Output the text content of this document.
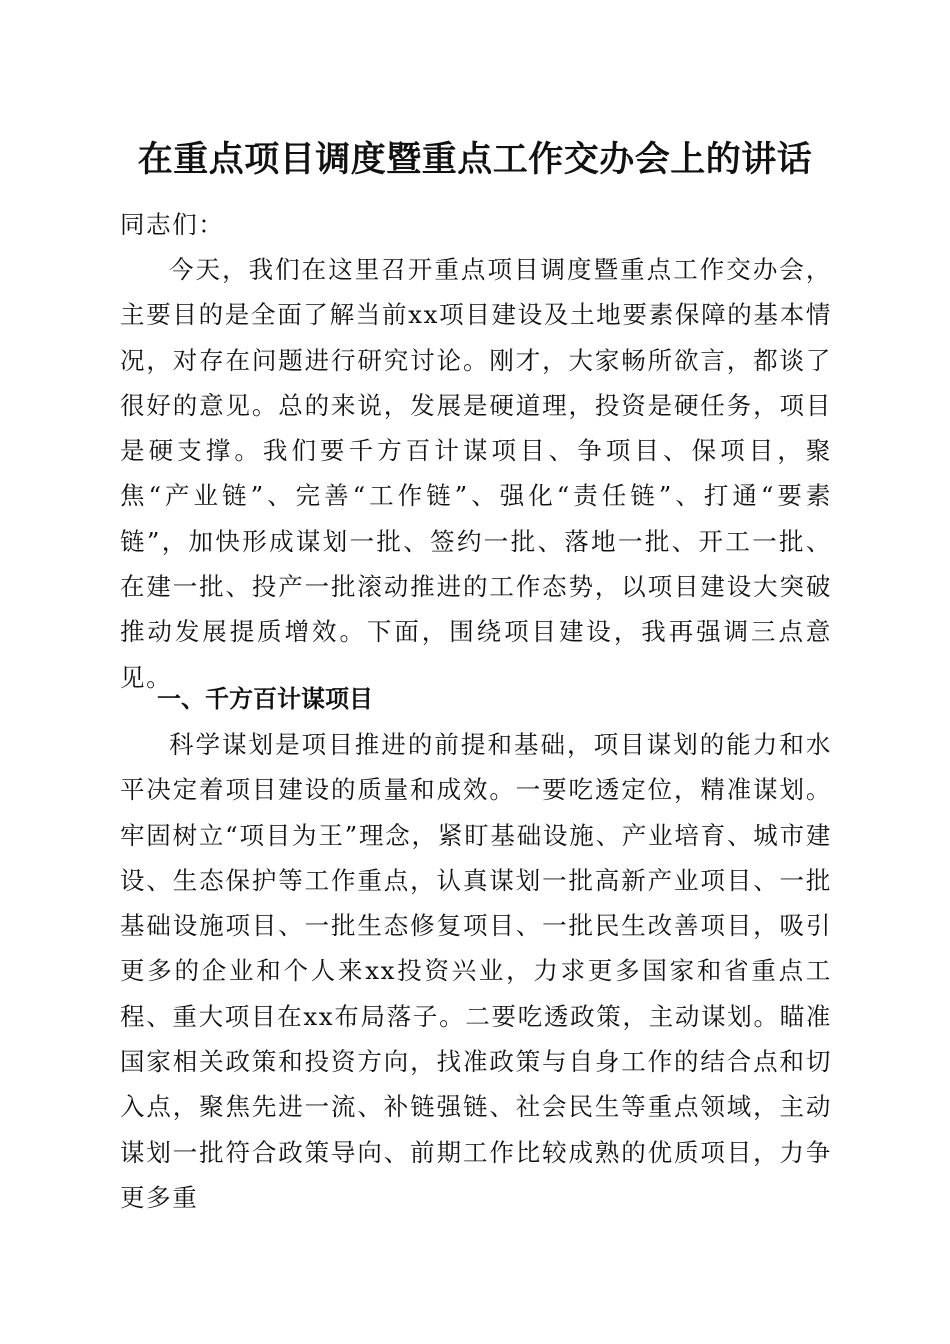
在重点项目调度暨重点工作交办会上的讲话

同志们：

今天，我们在这里召开重点项目调度暨重点工作交办会，主要目的是全面了解当前xx项目建设及土地要素保障的基本情况，对存在问题进行研究讨论。刚才，大家畅所欲言，都谈了很好的意见。总的来说，发展是硬道理，投资是硬任务，项目是硬支撑。我们要千方百计谋项目、争项目、保项目，聚焦“产业链”、完善“工作链”、强化“责任链”、打通“要素链”，加快形成谋划一批、签约一批、落地一批、开工一批、在建一批、投产一批滚动推进的工作态势，以项目建设大突破推动发展提质增效。下面，围绕项目建设，我再强调三点意见。

一、千方百计谋项目

科学谋划是项目推进的前提和基础，项目谋划的能力和水平决定着项目建设的质量和成效。一要吃透定位，精准谋划。牢固树立“项目为王”理念，紧盯基础设施、产业培育、城市建设、生态保护等工作重点，认真谋划一批高新产业项目、一批基础设施项目、一批生态修复项目、一批民生改善项目，吸引更多的企业和个人来xx投资兴业，力求更多国家和省重点工程、重大项目在xx布局落子。二要吃透政策，主动谋划。瞄准国家相关政策和投资方向，找准政策与自身工作的结合点和切入点，聚焦先进一流、补链强链、社会民生等重点领域，主动谋划一批符合政策导向、前期工作比较成熟的优质项目，力争更多重
